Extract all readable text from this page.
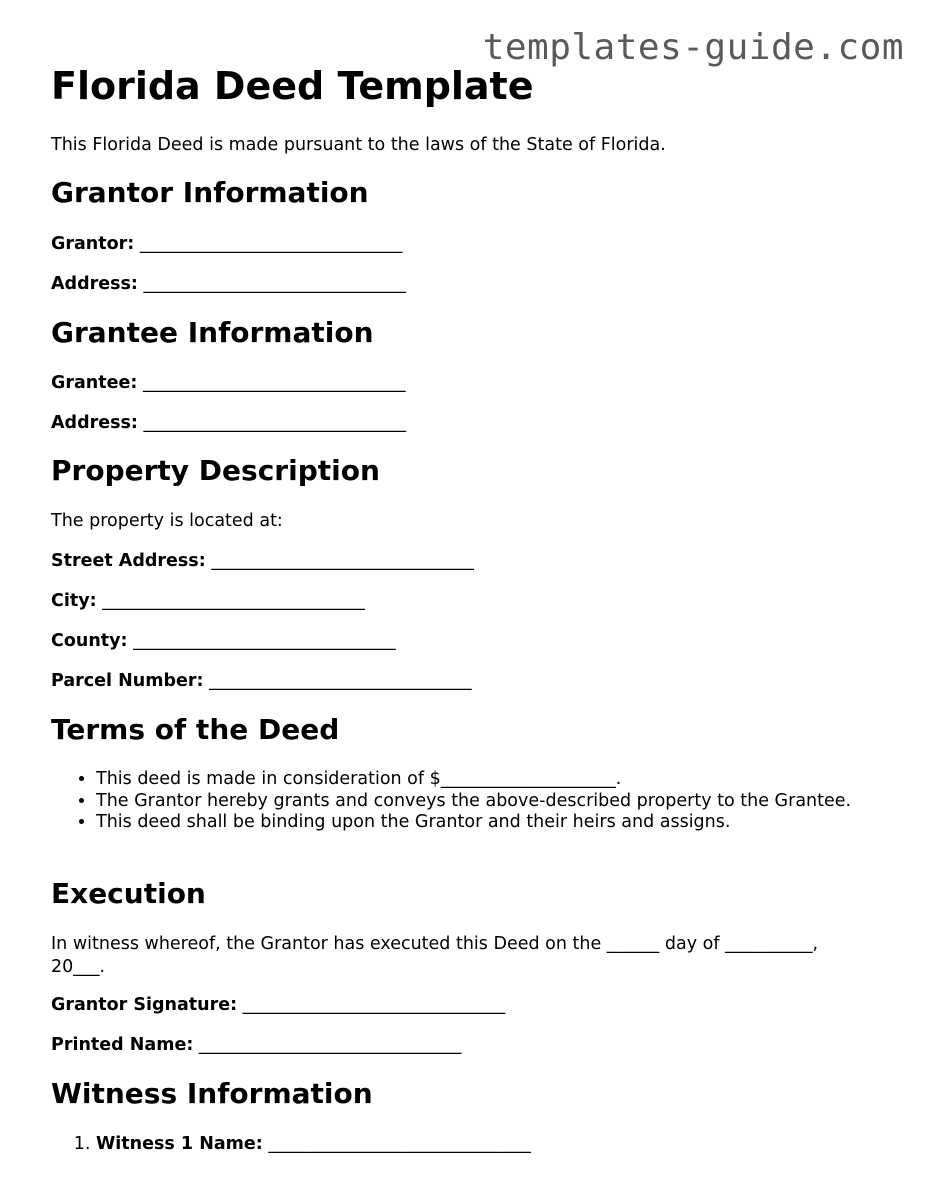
templates-guide.com
Florida Deed Template

This Florida Deed is made pursuant to the laws of the State of Florida.

Grantor Information
Grantor: ______________________________
Address: ______________________________
Grantee Information
Grantee: ______________________________
Address: ______________________________
Property Description

The property is located at:

Street Address: ______________________________
City: ______________________________
County: ______________________________
Parcel Number: ______________________________
Terms of the Deed
• This deed is made in consideration of $____________________.
• The Grantor hereby grants and conveys the above-described property to the Grantee.
• This deed shall be binding upon the Grantor and their heirs and assigns.
Execution

In witness whereof, the Grantor has executed this Deed on the ______ day of __________, 20___.

Grantor Signature: ______________________________
Printed Name: ______________________________
Witness Information
1. Witness 1 Name: ______________________________
